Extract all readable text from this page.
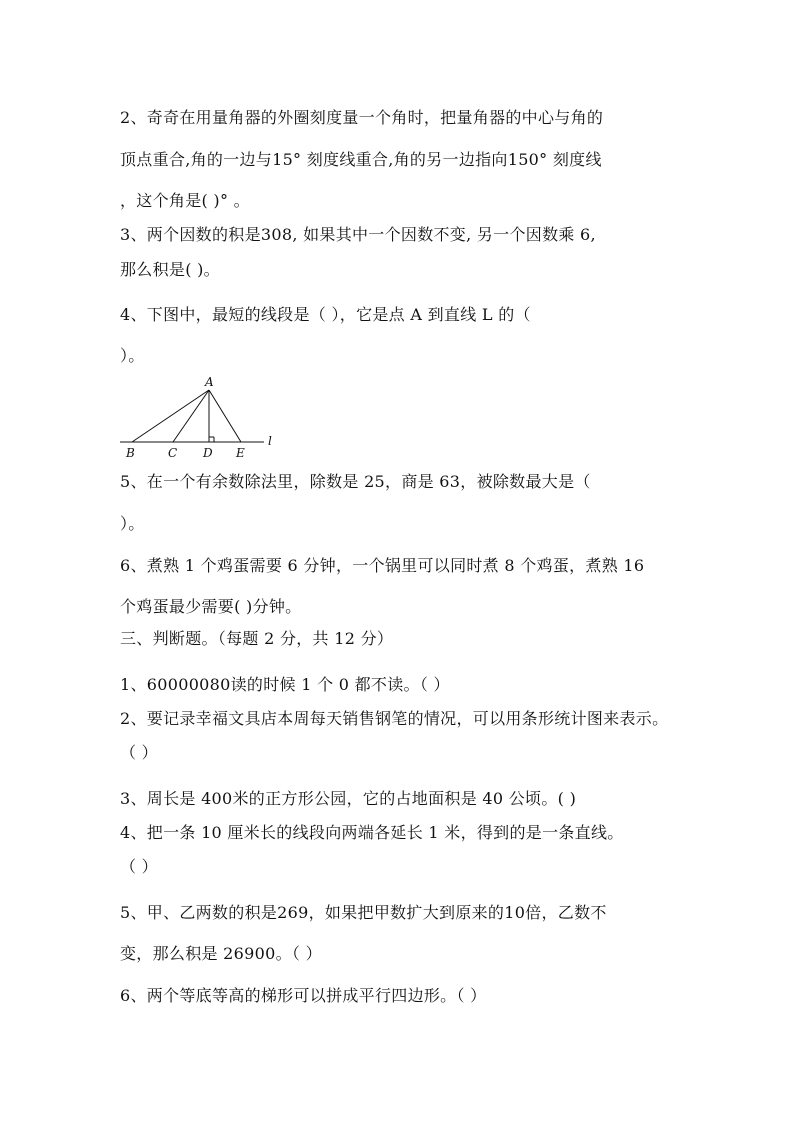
2、奇奇在用量角器的外圈刻度量一个角时，把量角器的中心与角的
顶点重合,角的一边与15° 刻度线重合,角的另一边指向150° 刻度线
，这个角是( )° 。
3、两个因数的积是308, 如果其中一个因数不变, 另一个因数乘 6,
那么积是( )。
4、下图中，最短的线段是（ ），它是点 A 到直线 L 的（
）。
A
B	C D E
l
5、在一个有余数除法里，除数是 25，商是 63，被除数最大是（
）。
6、煮熟 1 个鸡蛋需要 6 分钟，一个锅里可以同时煮 8 个鸡蛋，煮熟 16
个鸡蛋最少需要( )分钟。
三、判断题。（每题 2 分，共 12 分）
1、60000080读的时候 1 个 0 都不读。（ ）
2、要记录幸福文具店本周每天销售钢笔的情况，可以用条形统计图来表示。
（ ）
3、周长是 400米的正方形公园，它的占地面积是 40 公顷。( )
4、把一条 10 厘米长的线段向两端各延长 1 米，得到的是一条直线。
（ ）
5、甲、乙两数的积是269，如果把甲数扩大到原来的10倍，乙数不
变，那么积是 26900。（ ）
6、两个等底等高的梯形可以拼成平行四边形。（ ）
